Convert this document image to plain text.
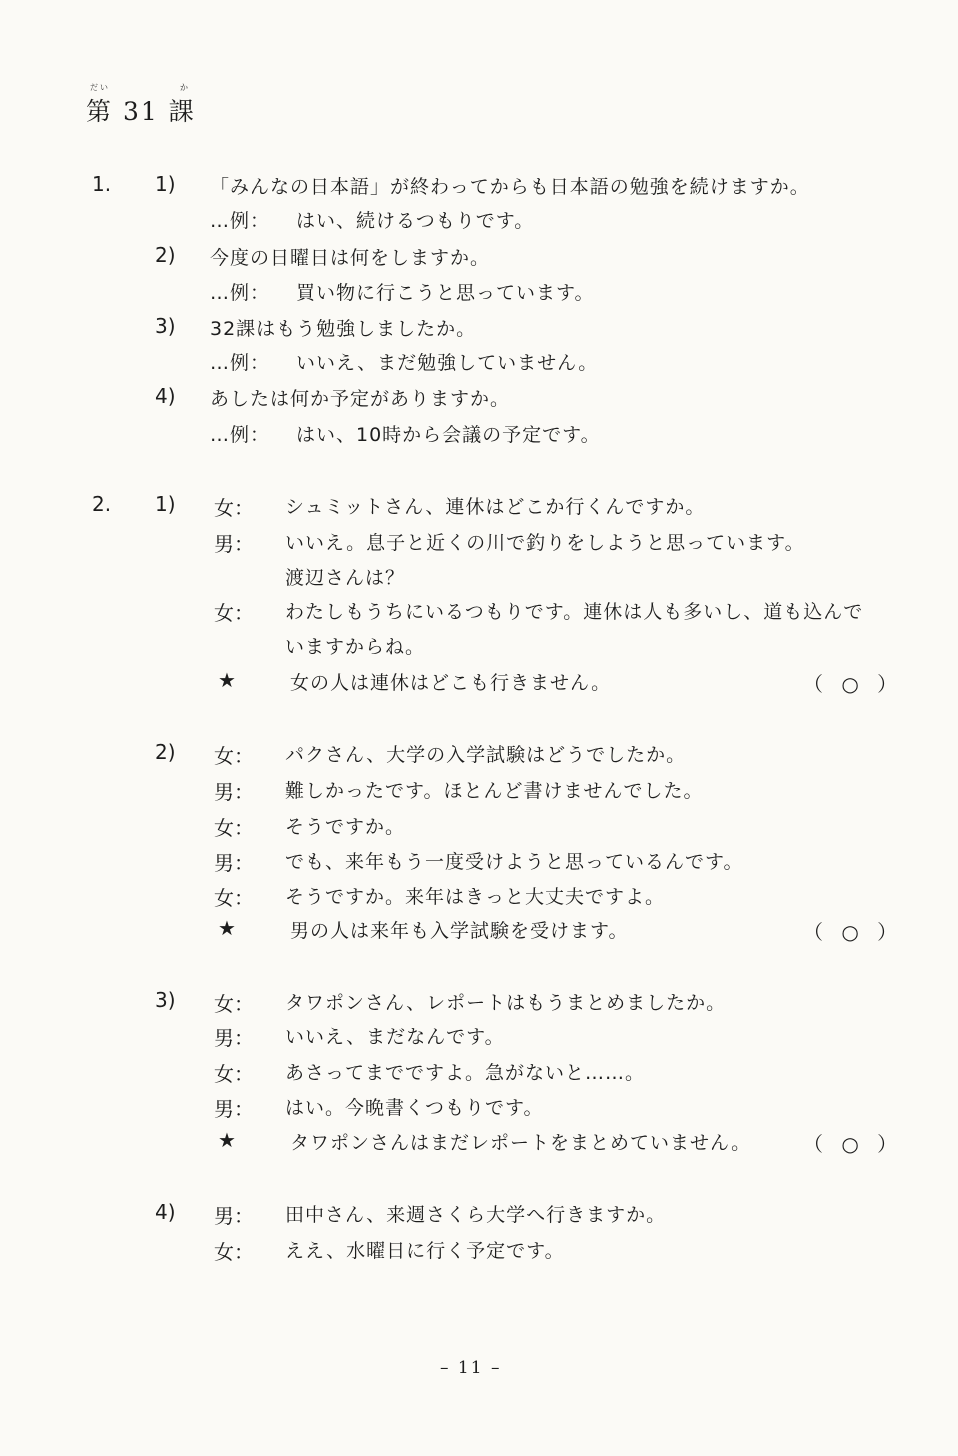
だい	か
第 31 課
1. 1) 「みんなの日本語」が終わってからも日本語の勉強を続けますか。
…例： はい、続けるつもりです。
2) 今度の日曜日は何をしますか。
…例： 買い物に行こうと思っています。
3) 32課はもう勉強しましたか。
…例： いいえ、まだ勉強していません。
4) あしたは何か予定がありますか。
…例： はい、10時から会議の予定です。
2. 1) 女： シュミットさん、連休はどこか行くんですか。
男： いいえ。息子と近くの川で釣りをしようと思っています。
渡辺さんは？
女： わたしもうちにいるつもりです。連休は人も多いし、道も込んで
いますからね。
★	女の人は連休はどこも行きません。	（ ○ ）
2) 女： パクさん、大学の入学試験はどうでしたか。
男： 難しかったです。ほとんど書けませんでした。
女： そうですか。
男： でも、来年もう一度受けようと思っているんです。
女： そうですか。来年はきっと大丈夫ですよ。
★	男の人は来年も入学試験を受けます。	（ ○ ）
3) 女： タワポンさん、レポートはもうまとめましたか。
男： いいえ、まだなんです。
女： あさってまでですよ。急がないと……。
男： はい。今晩書くつもりです。
★	タワポンさんはまだレポートをまとめていません。	（ ○ ）
4) 男： 田中さん、来週さくら大学へ行きますか。
女： ええ、水曜日に行く予定です。
– 11 –
